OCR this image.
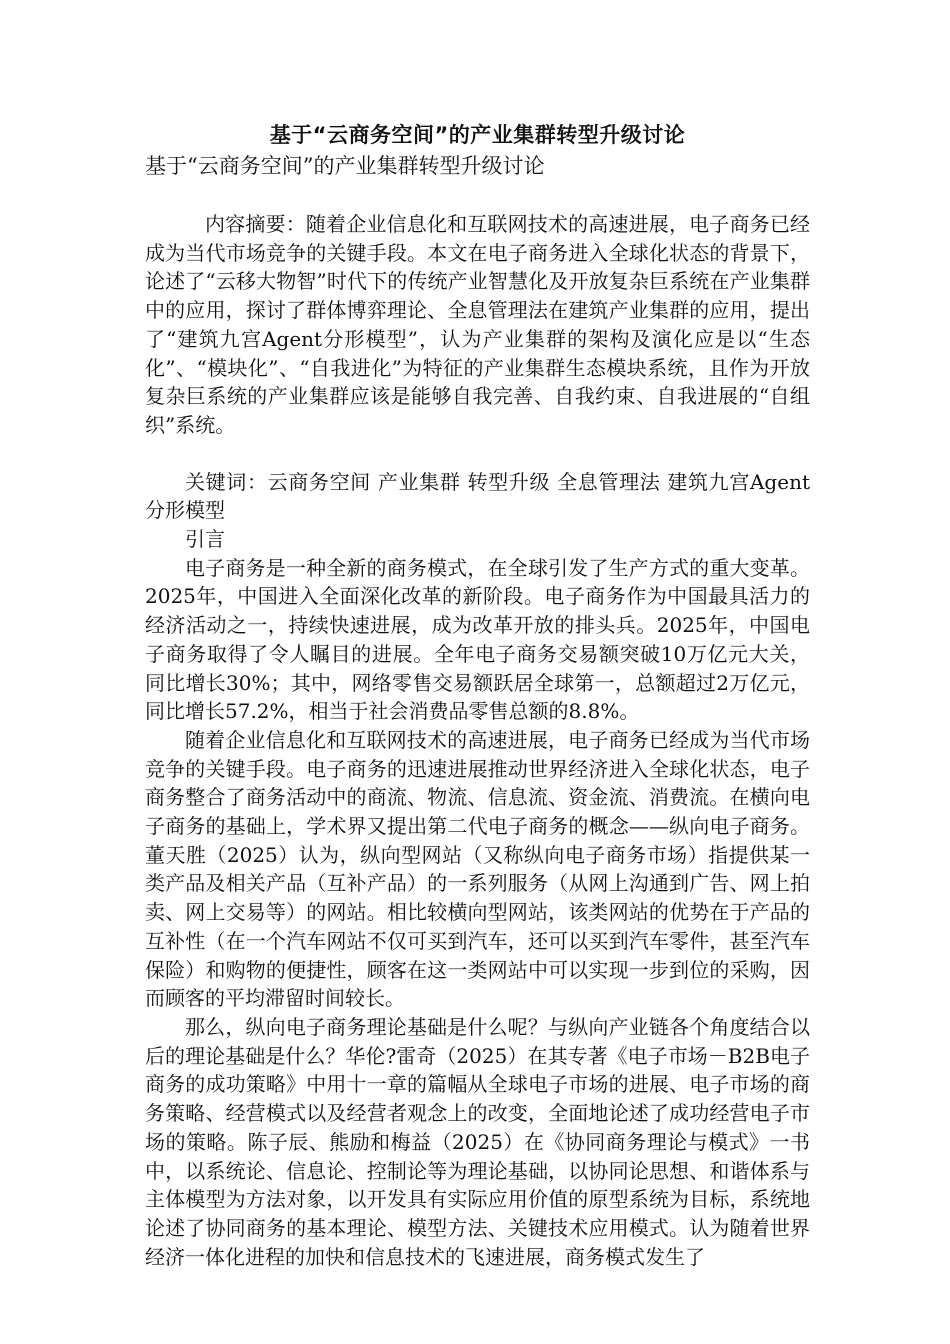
基于“云商务空间”的产业集群转型升级讨论
基于“云商务空间”的产业集群转型升级讨论

内容摘要：随着企业信息化和互联网技术的高速进展，电子商务已经成为当代市场竞争的关键手段。本文在电子商务进入全球化状态的背景下，论述了“云移大物智”时代下的传统产业智慧化及开放复杂巨系统在产业集群中的应用，探讨了群体博弈理论、全息管理法在建筑产业集群的应用，提出了“建筑九宫Agent分形模型”，认为产业集群的架构及演化应是以“生态化”、“模块化”、“自我进化”为特征的产业集群生态模块系统，且作为开放复杂巨系统的产业集群应该是能够自我完善、自我约束、自我进展的“自组织”系统。

关键词：云商务空间 产业集群 转型升级 全息管理法 建筑九宫Agent分形模型

引言

电子商务是一种全新的商务模式，在全球引发了生产方式的重大变革。2025年，中国进入全面深化改革的新阶段。电子商务作为中国最具活力的经济活动之一，持续快速进展，成为改革开放的排头兵。2025年，中国电子商务取得了令人瞩目的进展。全年电子商务交易额突破10万亿元大关，同比增长30%；其中，网络零售交易额跃居全球第一，总额超过2万亿元，同比增长57.2%，相当于社会消费品零售总额的8.8%。

随着企业信息化和互联网技术的高速进展，电子商务已经成为当代市场竞争的关键手段。电子商务的迅速进展推动世界经济进入全球化状态，电子商务整合了商务活动中的商流、物流、信息流、资金流、消费流。在横向电子商务的基础上，学术界又提出第二代电子商务的概念——纵向电子商务。董天胜（2025）认为，纵向型网站（又称纵向电子商务市场）指提供某一类产品及相关产品（互补产品）的一系列服务（从网上沟通到广告、网上拍卖、网上交易等）的网站。相比较横向型网站，该类网站的优势在于产品的互补性（在一个汽车网站不仅可买到汽车，还可以买到汽车零件，甚至汽车保险）和购物的便捷性，顾客在这一类网站中可以实现一步到位的采购，因而顾客的平均滞留时间较长。

那么，纵向电子商务理论基础是什么呢？与纵向产业链各个角度结合以后的理论基础是什么？华伦?雷奇（2025）在其专著《电子市场－B2B电子商务的成功策略》中用十一章的篇幅从全球电子市场的进展、电子市场的商务策略、经营模式以及经营者观念上的改变，全面地论述了成功经营电子市场的策略。陈子辰、熊励和梅益（2025）在《协同商务理论与模式》一书中，以系统论、信息论、控制论等为理论基础，以协同论思想、和谐体系与主体模型为方法对象，以开发具有实际应用价值的原型系统为目标，系统地论述了协同商务的基本理论、模型方法、关键技术应用模式。认为随着世界经济一体化进程的加快和信息技术的飞速进展，商务模式发生了
